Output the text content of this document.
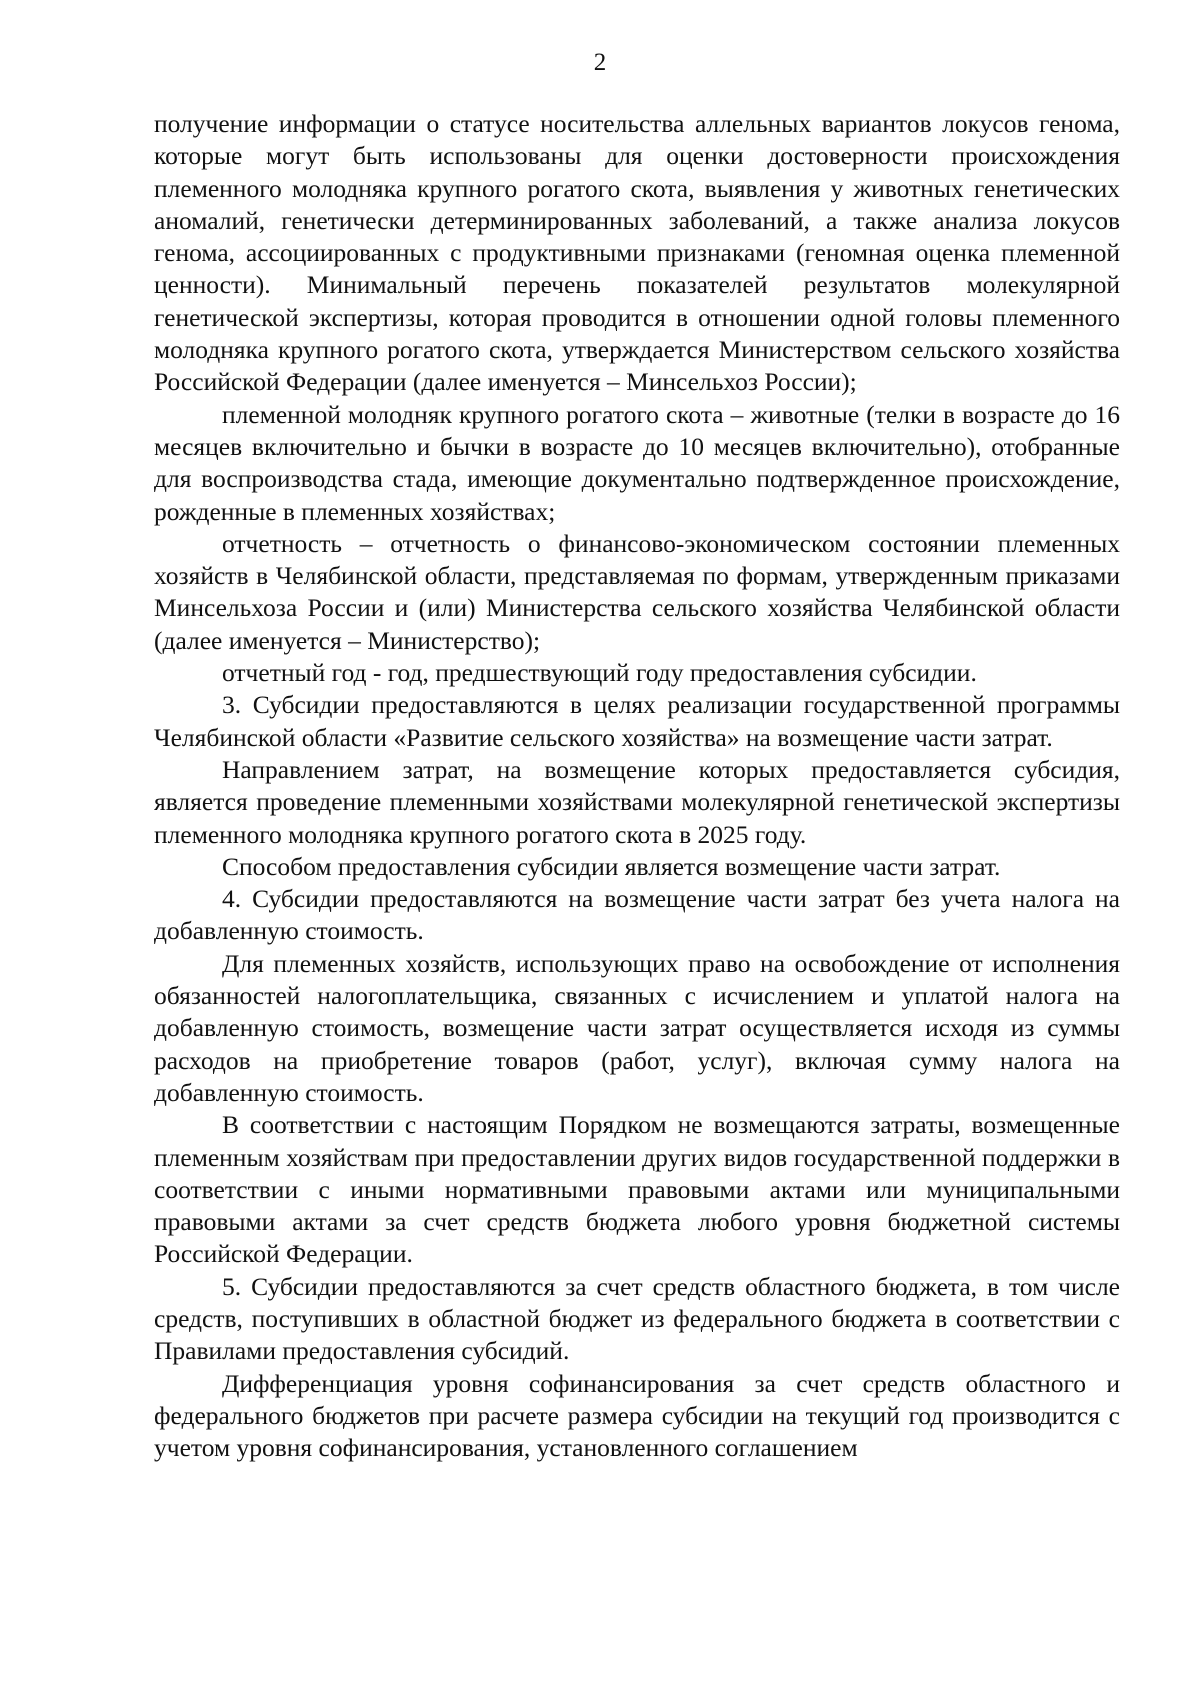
2

получение информации о статусе носительства аллельных вариантов локусов генома, которые могут быть использованы для оценки достоверности происхождения племенного молодняка крупного рогатого скота, выявления у животных генетических аномалий, генетически детерминированных заболеваний, а также анализа локусов генома, ассоциированных с продуктивными признаками (геномная оценка племенной ценности). Минимальный перечень показателей результатов молекулярной генетической экспертизы, которая проводится в отношении одной головы племенного молодняка крупного рогатого скота, утверждается Министерством сельского хозяйства Российской Федерации (далее именуется – Минсельхоз России);

племенной молодняк крупного рогатого скота – животные (телки в возрасте до 16 месяцев включительно и бычки в возрасте до 10 месяцев включительно), отобранные для воспроизводства стада, имеющие документально подтвержденное происхождение, рожденные в племенных хозяйствах;

отчетность – отчетность о финансово-экономическом состоянии племенных хозяйств в Челябинской области, представляемая по формам, утвержденным приказами Минсельхоза России и (или) Министерства сельского хозяйства Челябинской области (далее именуется – Министерство);

отчетный год - год, предшествующий году предоставления субсидии.

3. Субсидии предоставляются в целях реализации государственной программы Челябинской области «Развитие сельского хозяйства» на возмещение части затрат.

Направлением затрат, на возмещение которых предоставляется субсидия, является проведение племенными хозяйствами молекулярной генетической экспертизы племенного молодняка крупного рогатого скота в 2025 году.

Способом предоставления субсидии является возмещение части затрат.

4. Субсидии предоставляются на возмещение части затрат без учета налога на добавленную стоимость.

Для племенных хозяйств, использующих право на освобождение от исполнения обязанностей налогоплательщика, связанных с исчислением и уплатой налога на добавленную стоимость, возмещение части затрат осуществляется исходя из суммы расходов на приобретение товаров (работ, услуг), включая сумму налога на добавленную стоимость.

В соответствии с настоящим Порядком не возмещаются затраты, возмещенные племенным хозяйствам при предоставлении других видов государственной поддержки в соответствии с иными нормативными правовыми актами или муниципальными правовыми актами за счет средств бюджета любого уровня бюджетной системы Российской Федерации.

5. Субсидии предоставляются за счет средств областного бюджета, в том числе средств, поступивших в областной бюджет из федерального бюджета в соответствии с Правилами предоставления субсидий.

Дифференциация уровня софинансирования за счет средств областного и федерального бюджетов при расчете размера субсидии на текущий год производится с учетом уровня софинансирования, установленного соглашением
